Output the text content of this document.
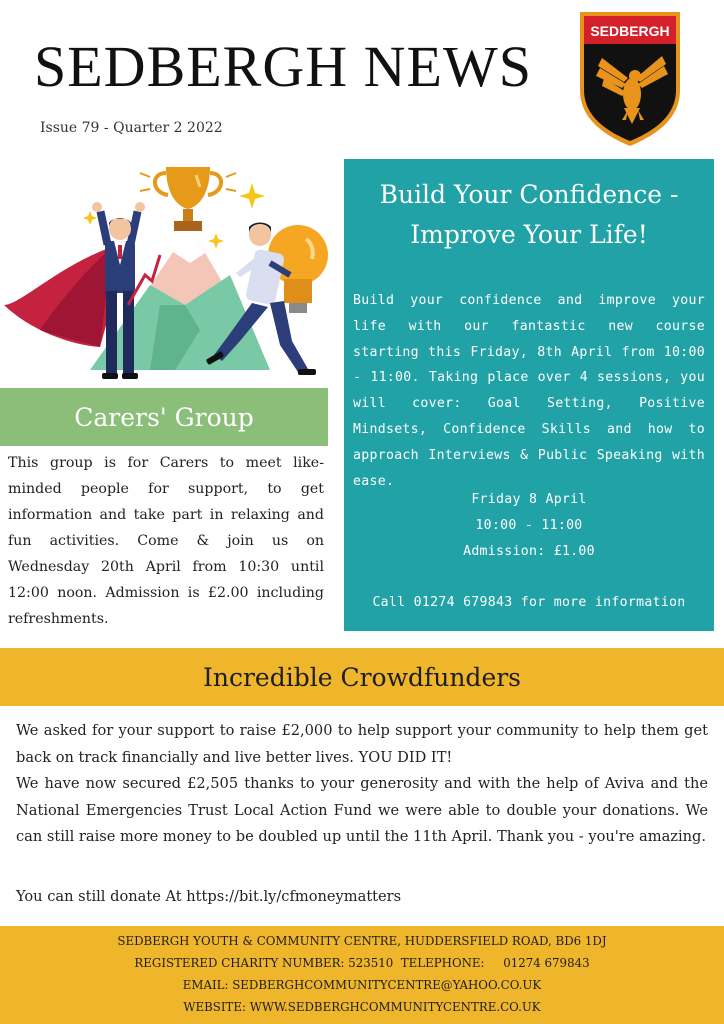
SEDBERGH NEWS
Issue 79 - Quarter 2 2022
SEDBERGH
Carers' Group
This group is for Carers to meet like-minded people for support, to get information and take part in relaxing and fun activities. Come & join us on Wednesday 20th April from 10:30 until 12:00 noon. Admission is £2.00 including refreshments.
Build Your Confidence -
Improve Your Life!
Build your confidence and improve your life with our fantastic new course starting this Friday, 8th April from 10:00 - 11:00. Taking place over 4 sessions, you will cover: Goal Setting, Positive Mindsets, Confidence Skills and how to approach Interviews & Public Speaking with ease.
Friday 8 April
10:00 - 11:00
Admission: £1.00
Call 01274 679843 for more information
Incredible Crowdfunders

We asked for your support to raise £2,000 to help support your community to help them get back on track financially and live better lives. YOU DID IT!

We have now secured £2,505 thanks to your generosity and with the help of Aviva and the National Emergencies Trust Local Action Fund we were able to double your donations. We can still raise more money to be doubled up until the 11th April. Thank you - you're amazing.

You can still donate At https://bit.ly/cfmoneymatters
SEDBERGH YOUTH & COMMUNITY CENTRE, HUDDERSFIELD ROAD, BD6 1DJ
REGISTERED CHARITY NUMBER: 523510  TELEPHONE:     01274 679843
EMAIL: SEDBERGHCOMMUNITYCENTRE@YAHOO.CO.UK
WEBSITE: WWW.SEDBERGHCOMMUNITYCENTRE.CO.UK
